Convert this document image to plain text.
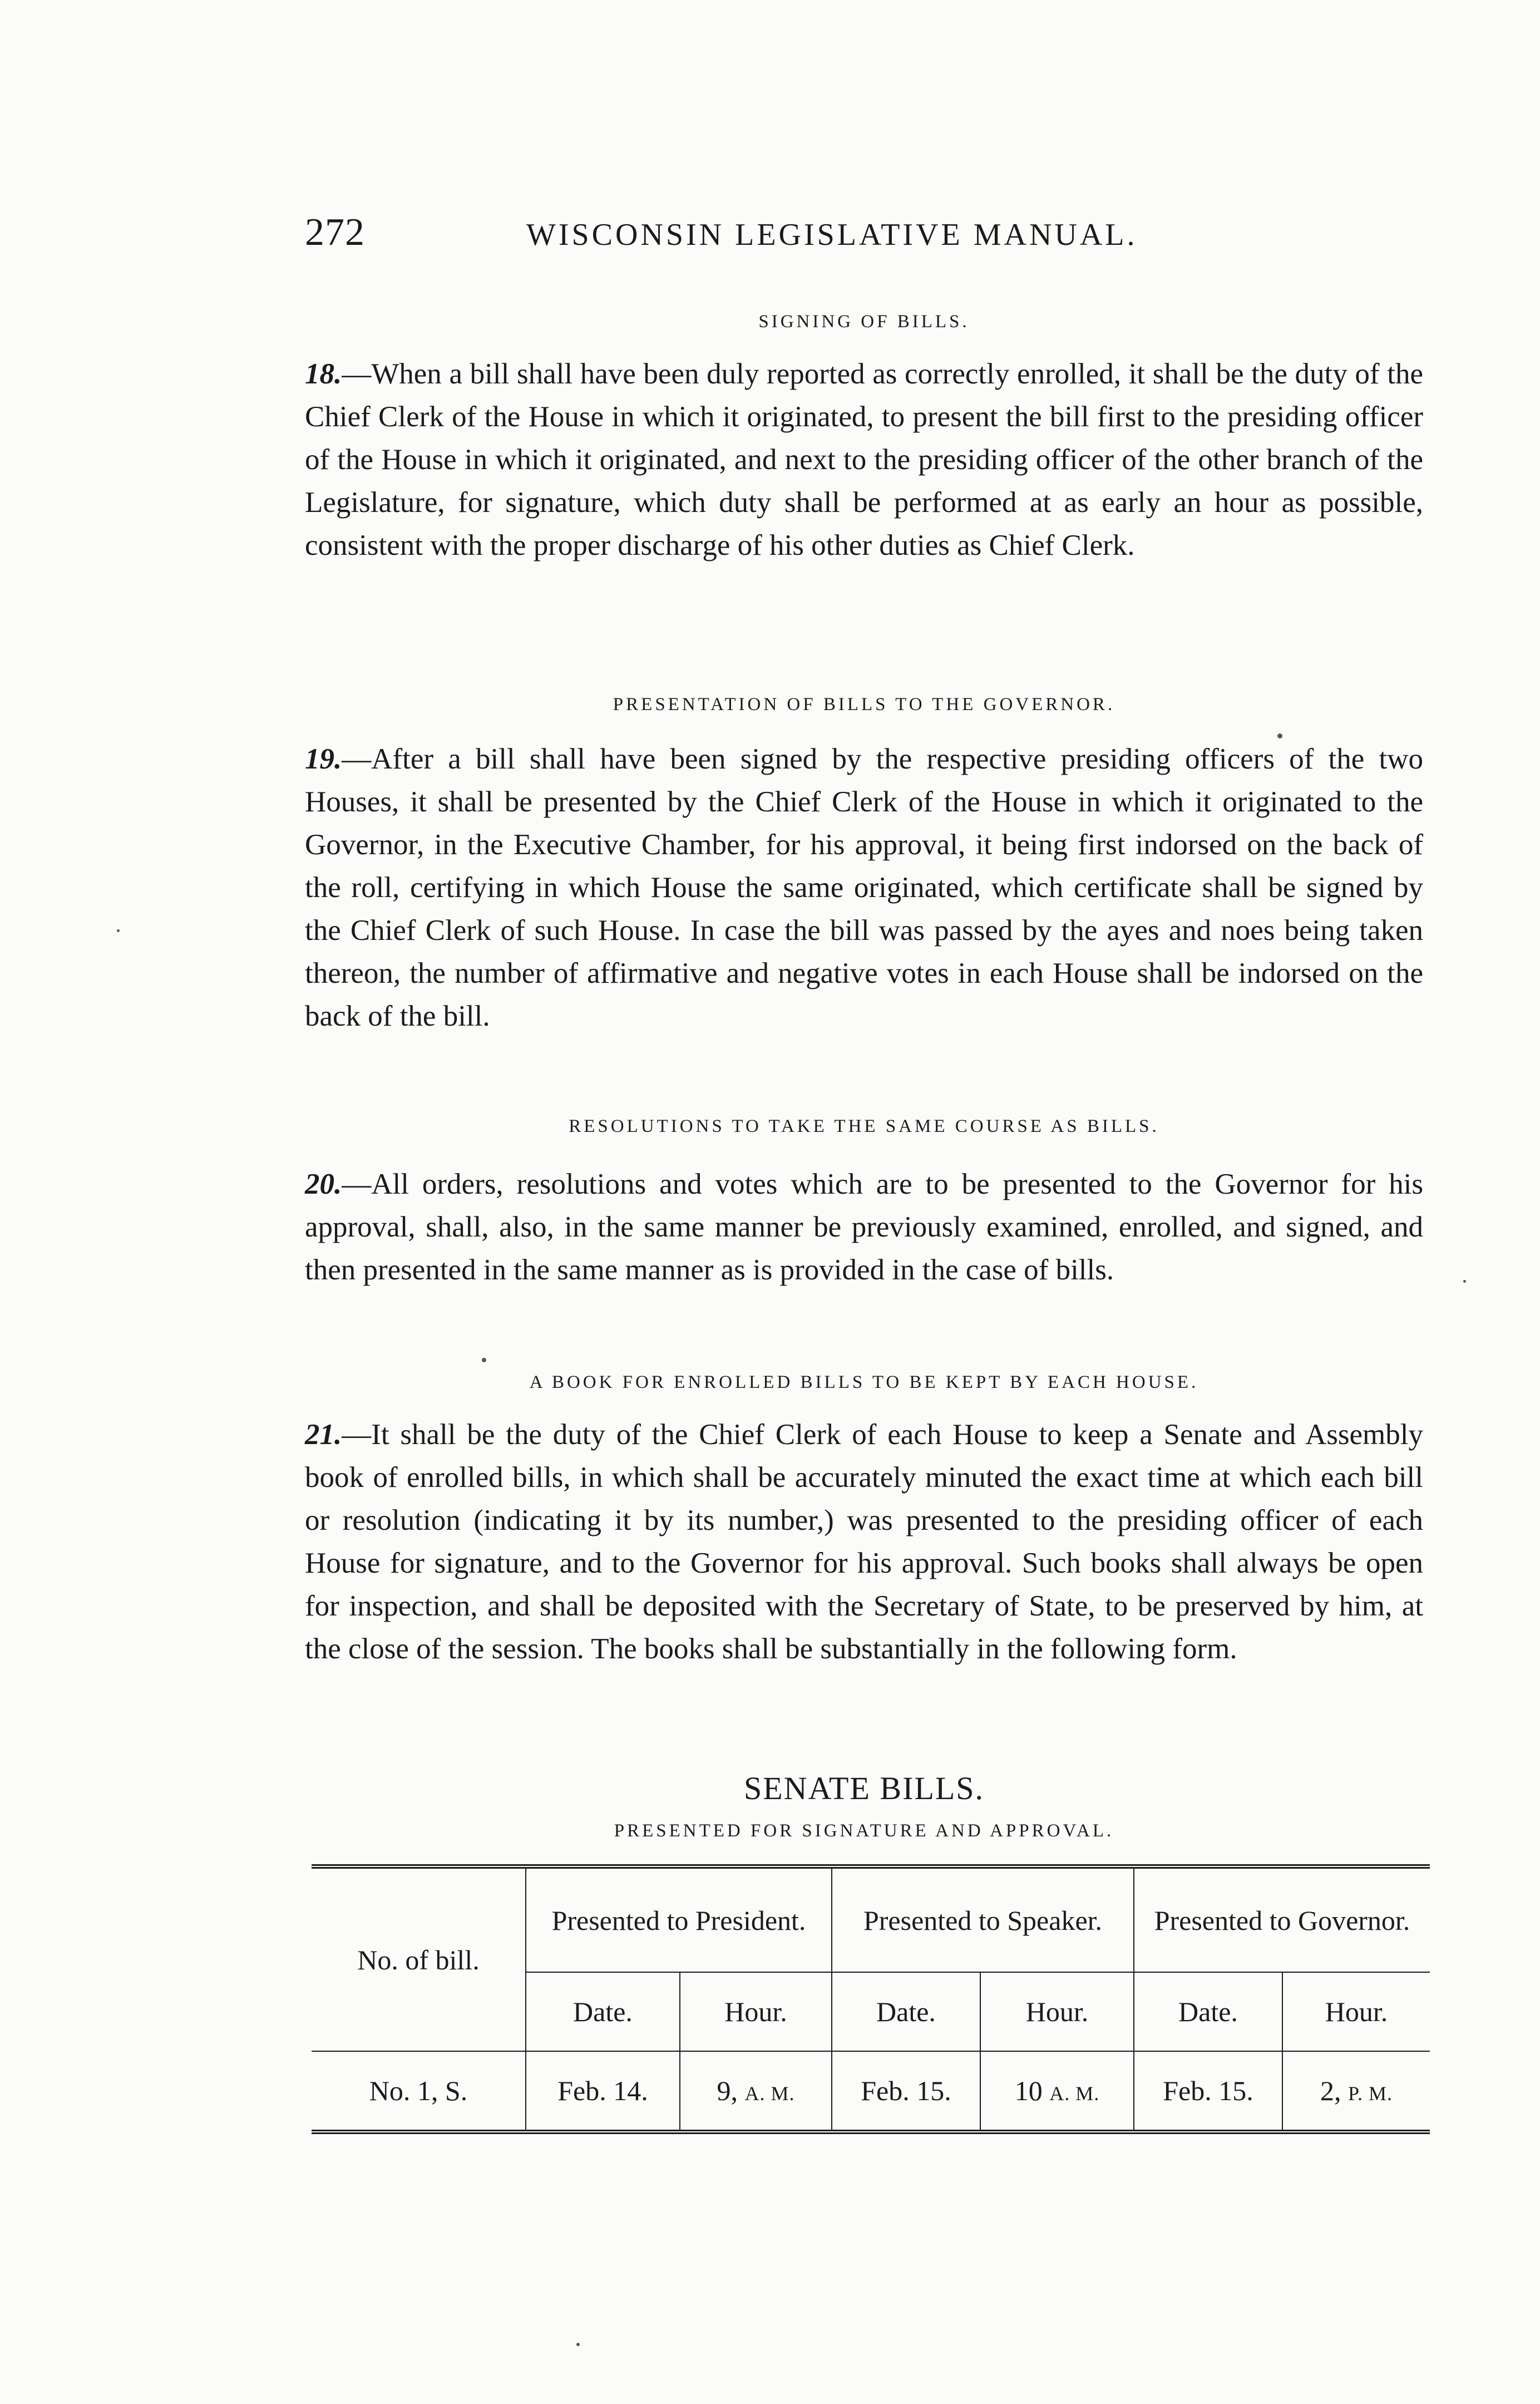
272	WISCONSIN LEGISLATIVE MANUAL.
SIGNING OF BILLS.

18.—When a bill shall have been duly reported as correctly enrolled, it shall be the duty of the Chief Clerk of the House in which it originated, to present the bill first to the presiding officer of the House in which it originated, and next to the presiding officer of the other branch of the Legislature, for signature, which duty shall be performed at as early an hour as possible, consistent with the proper discharge of his other duties as Chief Clerk.

PRESENTATION OF BILLS TO THE GOVERNOR.

19.—After a bill shall have been signed by the respective presiding officers of the two Houses, it shall be presented by the Chief Clerk of the House in which it originated to the Governor, in the Executive Chamber, for his approval, it being first indorsed on the back of the roll, certifying in which House the same originated, which certificate shall be signed by the Chief Clerk of such House. In case the bill was passed by the ayes and noes being taken thereon, the number of affirmative and negative votes in each House shall be indorsed on the back of the bill.

RESOLUTIONS TO TAKE THE SAME COURSE AS BILLS.

20.—All orders, resolutions and votes which are to be presented to the Governor for his approval, shall, also, in the same manner be previously examined, enrolled, and signed, and then presented in the same manner as is provided in the case of bills.

A BOOK FOR ENROLLED BILLS TO BE KEPT BY EACH HOUSE.

21.—It shall be the duty of the Chief Clerk of each House to keep a Senate and Assembly book of enrolled bills, in which shall be accurately minuted the exact time at which each bill or resolution (indicating it by its number,) was presented to the presiding officer of each House for signature, and to the Governor for his approval. Such books shall always be open for inspection, and shall be deposited with the Secretary of State, to be preserved by him, at the close of the session. The books shall be substantially in the following form.

SENATE BILLS.
PRESENTED FOR SIGNATURE AND APPROVAL.
No. of bill.	Presented to President.		Presented to Speaker.		Presented to Governor.	
	Date.	Hour.	Date.	Hour.	Date.	Hour.
No. 1, S.	Feb. 14.	9, A. M.	Feb. 15.	10 A. M.	Feb. 15.	2, P. M.
